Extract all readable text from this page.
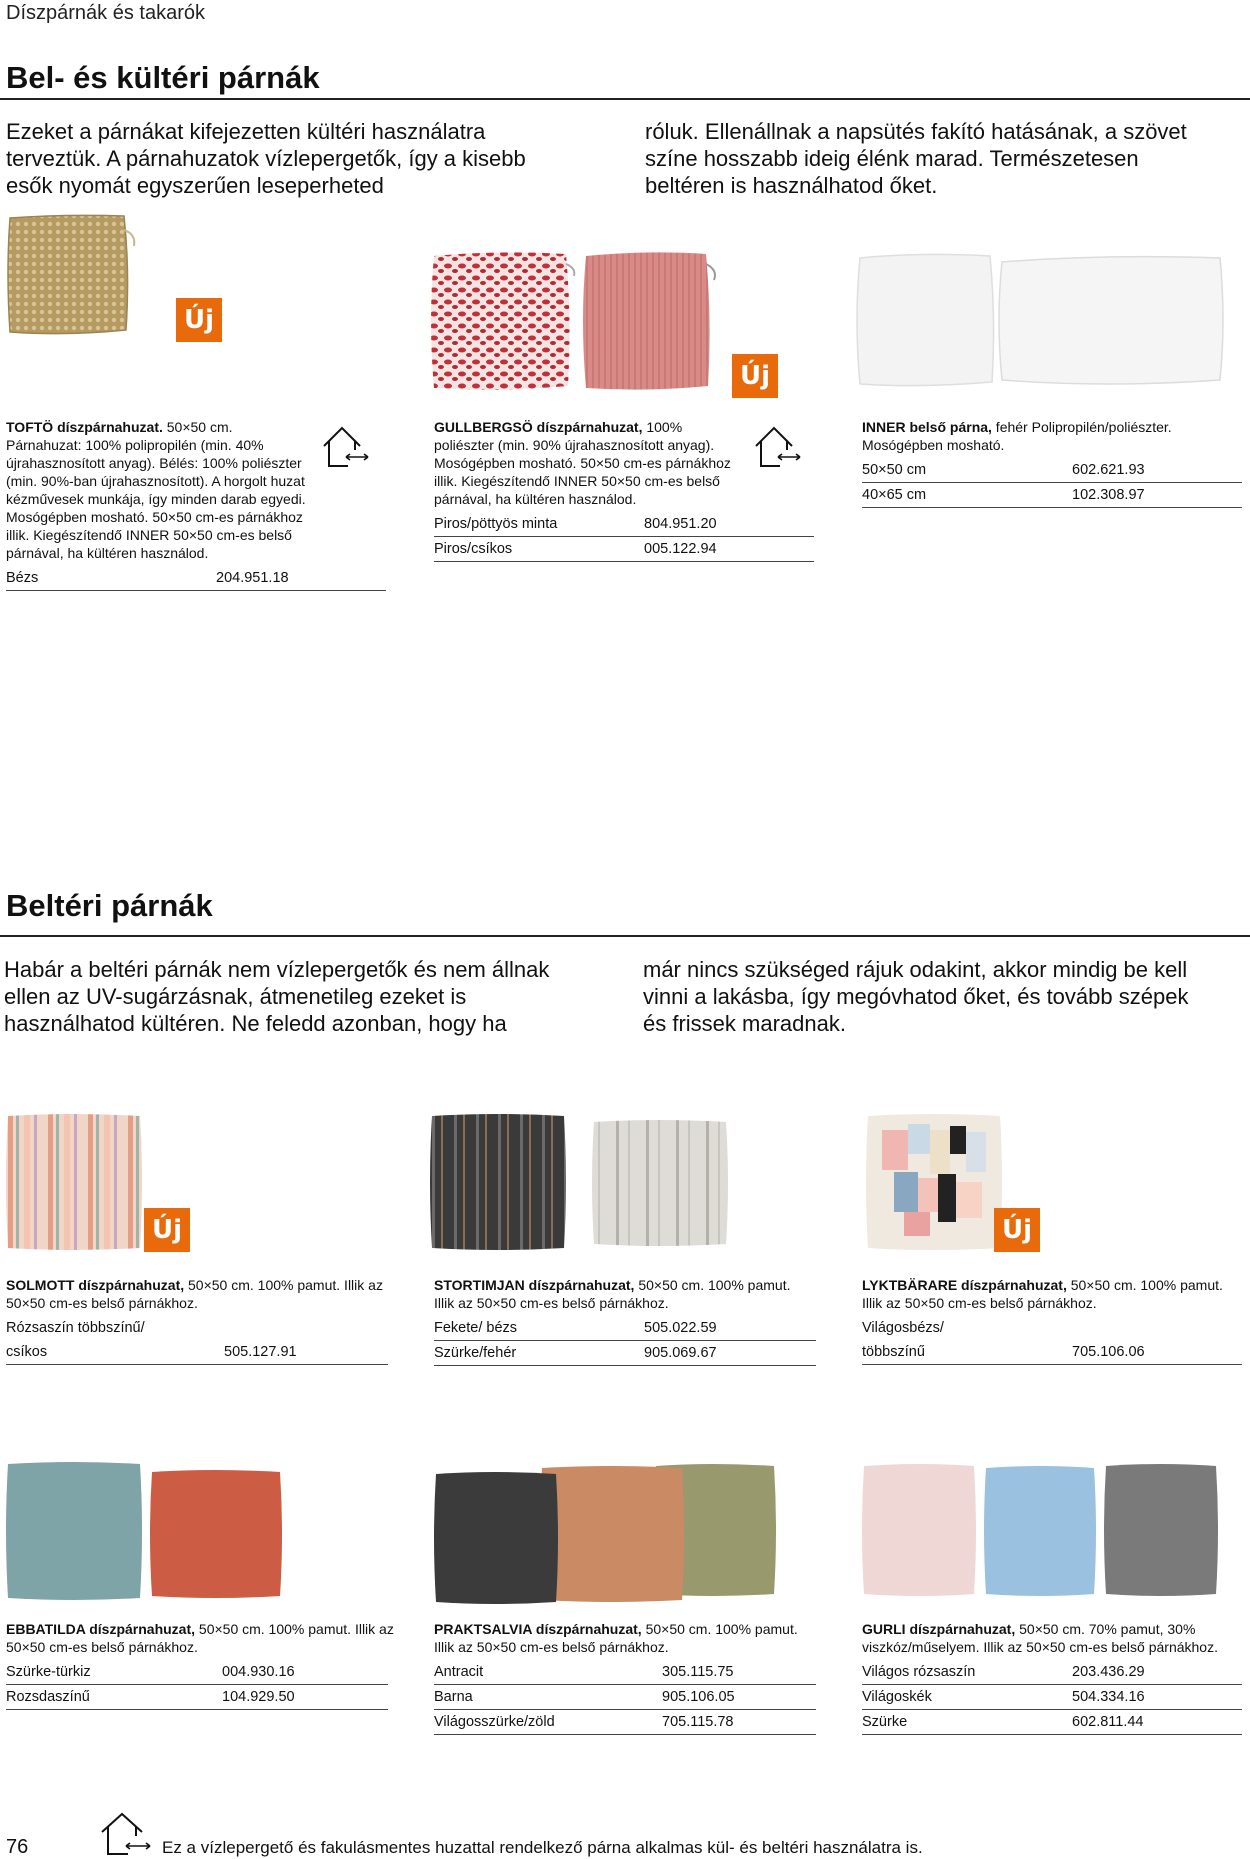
Díszpárnák és takarók
Bel- és kültéri párnák

Ezeket a párnákat kifejezetten kültéri használatra terveztük. A párnahuzatok vízlepergetők, így a kisebb esők nyomát egyszerűen leseperheted

róluk. Ellenállnak a napsütés fakító hatásának, a szövet színe hosszabb ideig élénk marad. Természetesen beltéren is használhatod őket.

Új
Új

TOFTÖ díszpárnahuzat. 50×50 cm. Párnahuzat: 100% polipropilén (min. 40% újrahasznosított anyag). Bélés: 100% poliészter (min. 90%-ban újrahasznosított). A horgolt huzat kézművesek munkája, így minden darab egyedi. Mosógépben mosható. 50×50 cm-es párnákhoz illik. Kiegészítendő INNER 50×50 cm-es belső párnával, ha kültéren használod.

Bézs	204.951.18

GULLBERGSÖ díszpárnahuzat, 100% poliészter (min. 90% újrahasznosított anyag). Mosógépben mosható. 50×50 cm-es párnákhoz illik. Kiegészítendő INNER 50×50 cm-es belső párnával, ha kültéren használod.

Piros/pöttyös minta	804.951.20
Piros/csíkos	005.122.94

INNER belső párna, fehér Polipropilén/poliészter. Mosógépben mosható.

50×50 cm	602.621.93
40×65 cm	102.308.97
Beltéri párnák

Habár a beltéri párnák nem vízlepergetők és nem állnak ellen az UV-sugárzásnak, átmenetileg ezeket is használhatod kültéren. Ne feledd azonban, hogy ha

már nincs szükséged rájuk odakint, akkor mindig be kell vinni a lakásba, így megóvhatod őket, és tovább szépek és frissek maradnak.

Új	Új

SOLMOTT díszpárnahuzat, 50×50 cm. 100% pamut. Illik az 50×50 cm-es belső párnákhoz.

Rózsaszín többszínű/
csíkos	505.127.91

STORTIMJAN díszpárnahuzat, 50×50 cm. 100% pamut. Illik az 50×50 cm-es belső párnákhoz.

Fekete/ bézs	505.022.59
Szürke/fehér	905.069.67

LYKTBÄRARE díszpárnahuzat, 50×50 cm. 100% pamut. Illik az 50×50 cm-es belső párnákhoz.

Világosbézs/
többszínű	705.106.06

EBBATILDA díszpárnahuzat, 50×50 cm. 100% pamut. Illik az 50×50 cm-es belső párnákhoz.

Szürke-türkiz	004.930.16
Rozsdaszínű	104.929.50

PRAKTSALVIA díszpárnahuzat, 50×50 cm. 100% pamut. Illik az 50×50 cm-es belső párnákhoz.

Antracit	305.115.75
Barna	905.106.05
Világosszürke/zöld	705.115.78

GURLI díszpárnahuzat, 50×50 cm. 70% pamut, 30% viszkóz/műselyem. Illik az 50×50 cm-es belső párnákhoz.

Világos rózsaszín	203.436.29
Világoskék	504.334.16
Szürke	602.811.44
76	Ez a vízlepergető és fakulásmentes huzattal rendelkező párna alkalmas kül- és beltéri használatra is.
